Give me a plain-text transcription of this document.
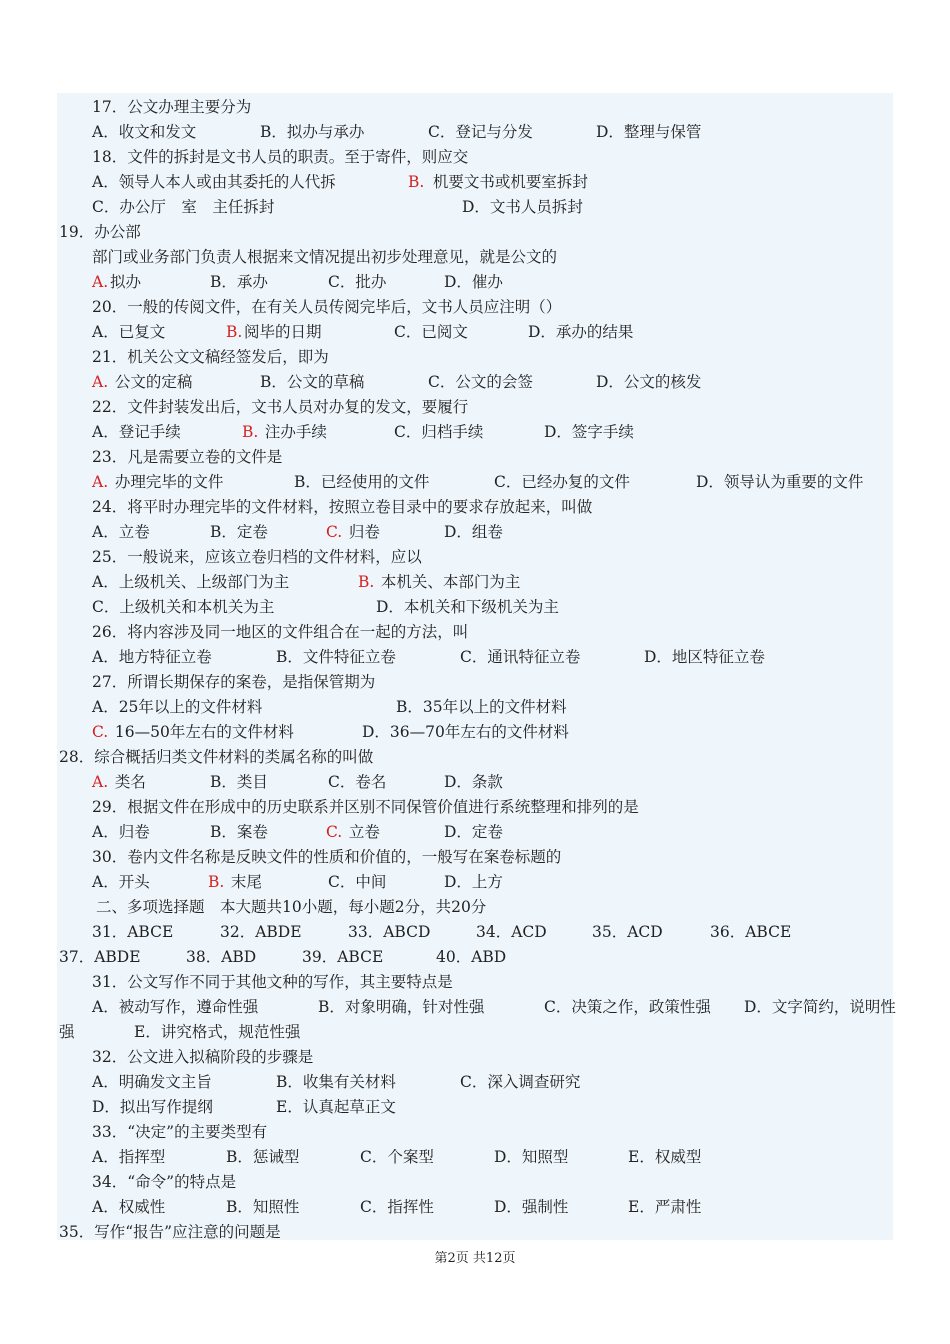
17．公文办理主要分为
A．收文和发文	B．拟办与承办	C．登记与分发	D．整理与保管
18．文件的拆封是文书人员的职责。至于寄件，则应交
A．领导人本人或由其委托的人代拆	B. 机要文书或机要室拆封
C．办公厅　室　主任拆封	D．文书人员拆封
19．办公部
部门或业务部门负责人根据来文情况提出初步处理意见，就是公文的
A. 拟办	B．承办	C．批办	D．催办
20．一般的传阅文件，在有关人员传阅完毕后，文书人员应注明（）
A．已复文	B. 阅毕的日期	C．已阅文	D．承办的结果
21．机关公文文稿经签发后，即为
A. 公文的定稿	B．公文的草稿	C．公文的会签	D．公文的核发
22．文件封装发出后，文书人员对办复的发文，要履行
A．登记手续	B. 注办手续	C．归档手续	D．签字手续
23．凡是需要立卷的文件是
A. 办理完毕的文件	B．已经使用的文件	C．已经办复的文件	D．领导认为重要的文件
24．将平时办理完毕的文件材料，按照立卷目录中的要求存放起来，叫做
A．立卷	B．定卷	C. 归卷	D．组卷
25．一般说来，应该立卷归档的文件材料，应以
A．上级机关、上级部门为主	B. 本机关、本部门为主
C．上级机关和本机关为主	D．本机关和下级机关为主
26．将内容涉及同一地区的文件组合在一起的方法，叫
A．地方特征立卷	B．文件特征立卷	C．通讯特征立卷	D．地区特征立卷
27．所谓长期保存的案卷，是指保管期为
A．25年以上的文件材料	B．35年以上的文件材料
C. 16—50年左右的文件材料	D．36—70年左右的文件材料
28．综合概括归类文件材料的类属名称的叫做
A. 类名	B．类目	C．卷名	D．条款
29．根据文件在形成中的历史联系并区别不同保管价值进行系统整理和排列的是
A．归卷	B．案卷	C. 立卷	D．定卷
30．卷内文件名称是反映文件的性质和价值的，一般写在案卷标题的
A．开头	B. 末尾	C．中间	D．上方
二、多项选择题　本大题共10小题，每小题2分，共20分
31．ABCE	32．ABDE	33．ABCD	34．ACD	35．ACD	36．ABCE
37．ABDE	38．ABD	39．ABCE	40．ABD
31．公文写作不同于其他文种的写作，其主要特点是
A．被动写作，遵命性强	B．对象明确，针对性强	C．决策之作，政策性强 D．文字简约，说明性
强	E．讲究格式，规范性强
32．公文进入拟稿阶段的步骤是
A．明确发文主旨	B．收集有关材料	C．深入调查研究
D．拟出写作提纲	E．认真起草正文
33．“决定”的主要类型有
A．指挥型	B．惩诫型	C．个案型	D．知照型	E．权威型
34．“命令”的特点是
A．权威性	B．知照性	C．指挥性	D．强制性	E．严肃性
35．写作“报告”应注意的问题是
第2页 共12页
